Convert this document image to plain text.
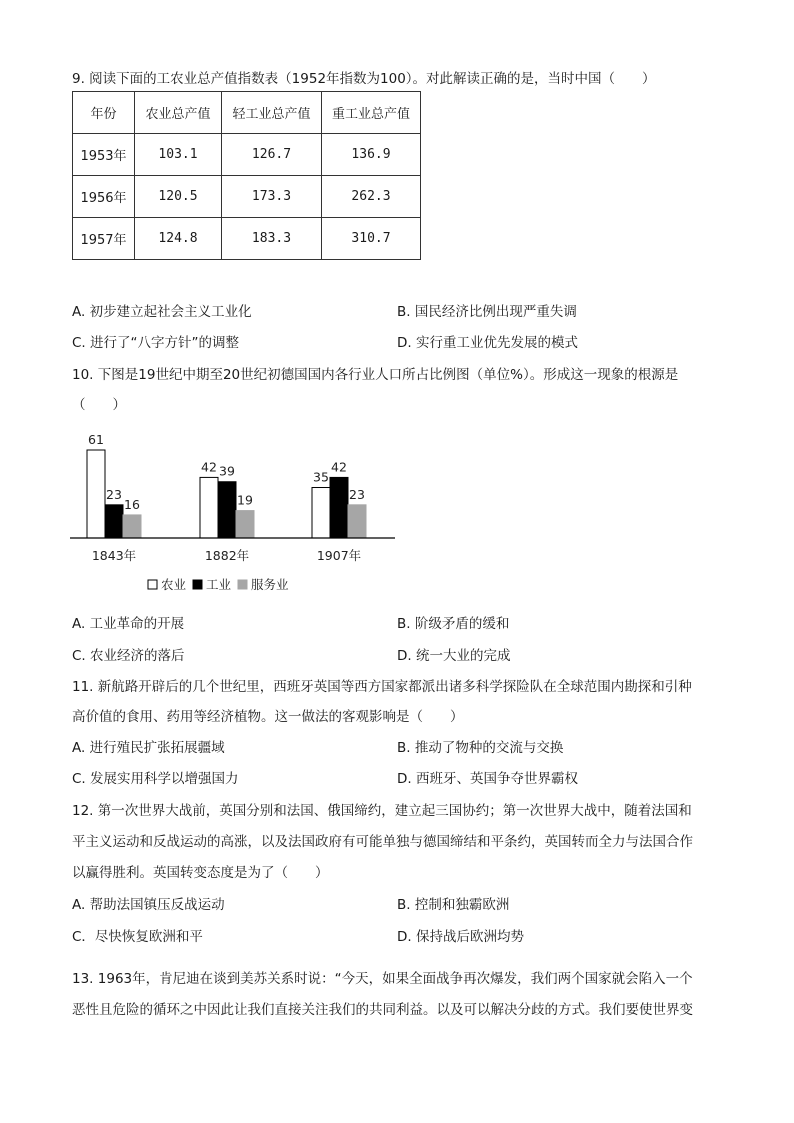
9. 阅读下面的工农业总产值指数表（1952年指数为100）。对此解读正确的是，当时中国（　　）
年份	农业总产值	轻工业总产值	重工业总产值
1953年	103.1	126.7	136.9
1956年	120.5	173.3	262.3
1957年	124.8	183.3	310.7
A. 初步建立起社会主义工业化	B. 国民经济比例出现严重失调
C. 进行了“八字方针”的调整	D. 实行重工业优先发展的模式
10. 下图是19世纪中期至20世纪初德国国内各行业人口所占比例图（单位%）。形成这一现象的根源是
（　　）
61
23
16
42 39
19
35
42
23
1843年	1882年	1907年
农业 工业 服务业
A. 工业革命的开展	B. 阶级矛盾的缓和
C. 农业经济的落后	D. 统一大业的完成
11. 新航路开辟后的几个世纪里，西班牙英国等西方国家都派出诸多科学探险队在全球范围内勘探和引种
高价值的食用、药用等经济植物。这一做法的客观影响是（　　）
A. 进行殖民扩张拓展疆域	B. 推动了物种的交流与交换
C. 发展实用科学以增强国力	D. 西班牙、英国争夺世界霸权
12. 第一次世界大战前，英国分别和法国、俄国缔约，建立起三国协约；第一次世界大战中，随着法国和
平主义运动和反战运动的高涨，以及法国政府有可能单独与德国缔结和平条约，英国转而全力与法国合作
以赢得胜利。英国转变态度是为了（　　）
A. 帮助法国镇压反战运动	B. 控制和独霸欧洲
C．尽快恢复欧洲和平	D. 保持战后欧洲均势
13. 1963年，肯尼迪在谈到美苏关系时说：“今天，如果全面战争再次爆发，我们两个国家就会陷入一个
恶性且危险的循环之中因此让我们直接关注我们的共同利益。以及可以解决分歧的方式。我们要使世界变
